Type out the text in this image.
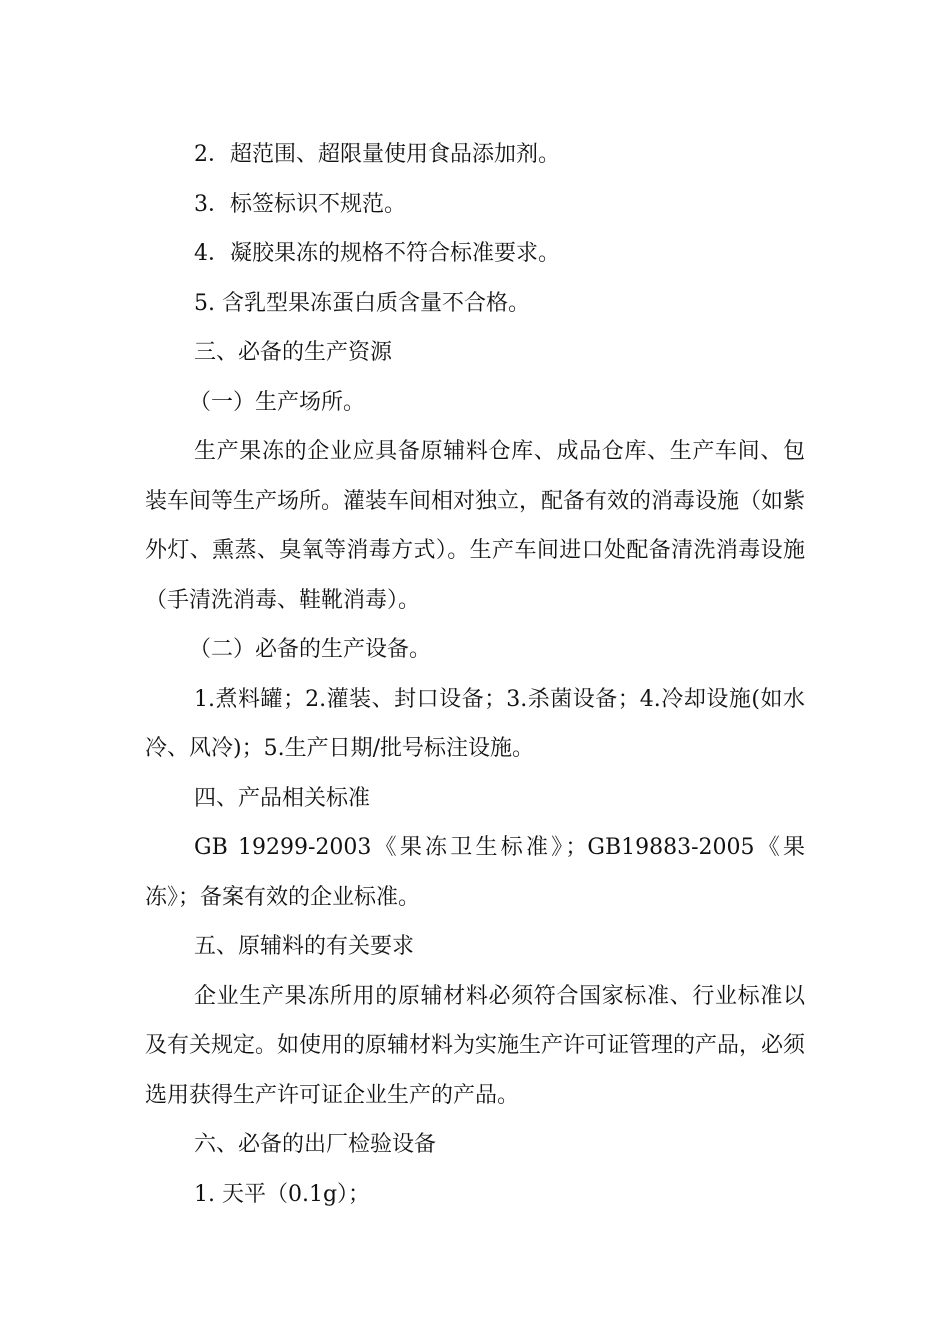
2．超范围、超限量使用食品添加剂。

3．标签标识不规范。

4．凝胶果冻的规格不符合标准要求。

5. 含乳型果冻蛋白质含量不合格。

三、必备的生产资源

（一）生产场所。

生产果冻的企业应具备原辅料仓库、成品仓库、生产车间、包装车间等生产场所。灌装车间相对独立，配备有效的消毒设施（如紫外灯、熏蒸、臭氧等消毒方式）。生产车间进口处配备清洗消毒设施（手清洗消毒、鞋靴消毒）。

（二）必备的生产设备。

1.煮料罐；2.灌装、封口设备；3.杀菌设备；4.冷却设施(如水冷、风冷)；5.生产日期/批号标注设施。

四、产品相关标准

GB 19299-2003《果冻卫生标准》；GB19883-2005《果冻》；备案有效的企业标准。

五、原辅料的有关要求

企业生产果冻所用的原辅材料必须符合国家标准、行业标准以及有关规定。如使用的原辅材料为实施生产许可证管理的产品，必须选用获得生产许可证企业生产的产品。

六、必备的出厂检验设备

1. 天平（0.1g）；
